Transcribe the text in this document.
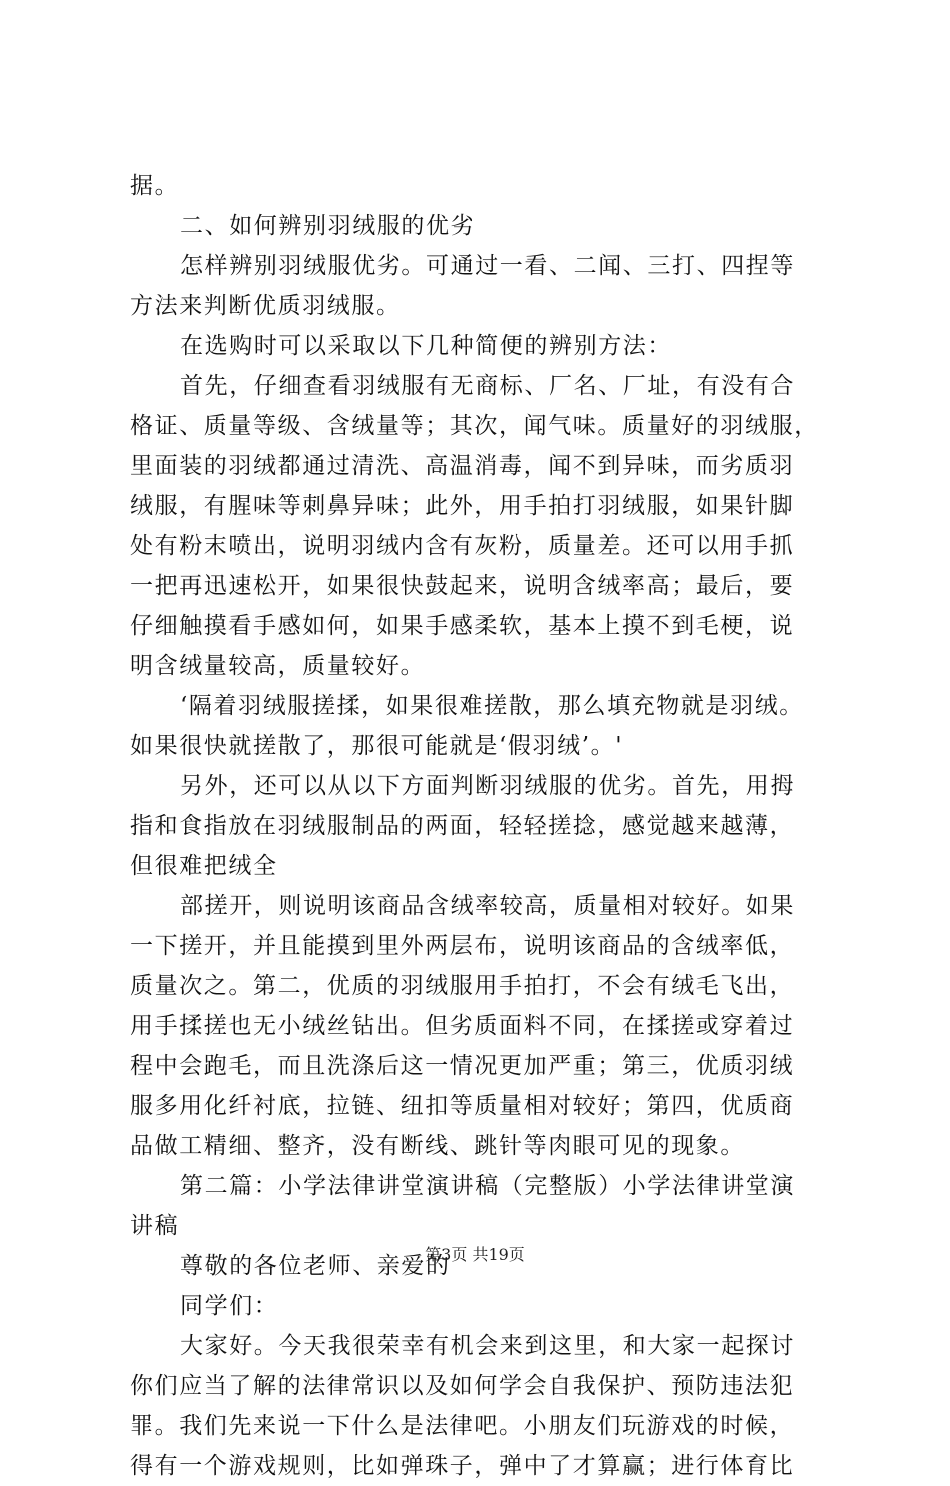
据。
二、如何辨别羽绒服的优劣
怎样辨别羽绒服优劣。可通过一看、二闻、三打、四捏等
方法来判断优质羽绒服。
在选购时可以采取以下几种简便的辨别方法：
首先，仔细查看羽绒服有无商标、厂名、厂址，有没有合
格证、质量等级、含绒量等；其次，闻气味。质量好的羽绒服，
里面装的羽绒都通过清洗、高温消毒，闻不到异味，而劣质羽
绒服，有腥味等刺鼻异味；此外，用手拍打羽绒服，如果针脚
处有粉末喷出，说明羽绒内含有灰粉，质量差。还可以用手抓
一把再迅速松开，如果很快鼓起来，说明含绒率高；最后，要
仔细触摸看手感如何，如果手感柔软，基本上摸不到毛梗，说
明含绒量较高，质量较好。
‘隔着羽绒服搓揉，如果很难搓散，那么填充物就是羽绒。
如果很快就搓散了，那很可能就是‘假羽绒’。'
另外，还可以从以下方面判断羽绒服的优劣。首先，用拇
指和食指放在羽绒服制品的两面，轻轻搓捻，感觉越来越薄，
但很难把绒全
部搓开，则说明该商品含绒率较高，质量相对较好。如果
一下搓开，并且能摸到里外两层布，说明该商品的含绒率低，
质量次之。第二，优质的羽绒服用手拍打，不会有绒毛飞出，
用手揉搓也无小绒丝钻出。但劣质面料不同，在揉搓或穿着过
程中会跑毛，而且洗涤后这一情况更加严重；第三，优质羽绒
服多用化纤衬底，拉链、纽扣等质量相对较好；第四，优质商
品做工精细、整齐，没有断线、跳针等肉眼可见的现象。
第二篇：小学法律讲堂演讲稿（完整版）小学法律讲堂演
讲稿
尊敬的各位老师、亲爱的
同学们：
大家好。今天我很荣幸有机会来到这里，和大家一起探讨
你们应当了解的法律常识以及如何学会自我保护、预防违法犯
罪。我们先来说一下什么是法律吧。小朋友们玩游戏的时候，
得有一个游戏规则，比如弹珠子，弹中了才算赢；进行体育比
第3页 共19页
